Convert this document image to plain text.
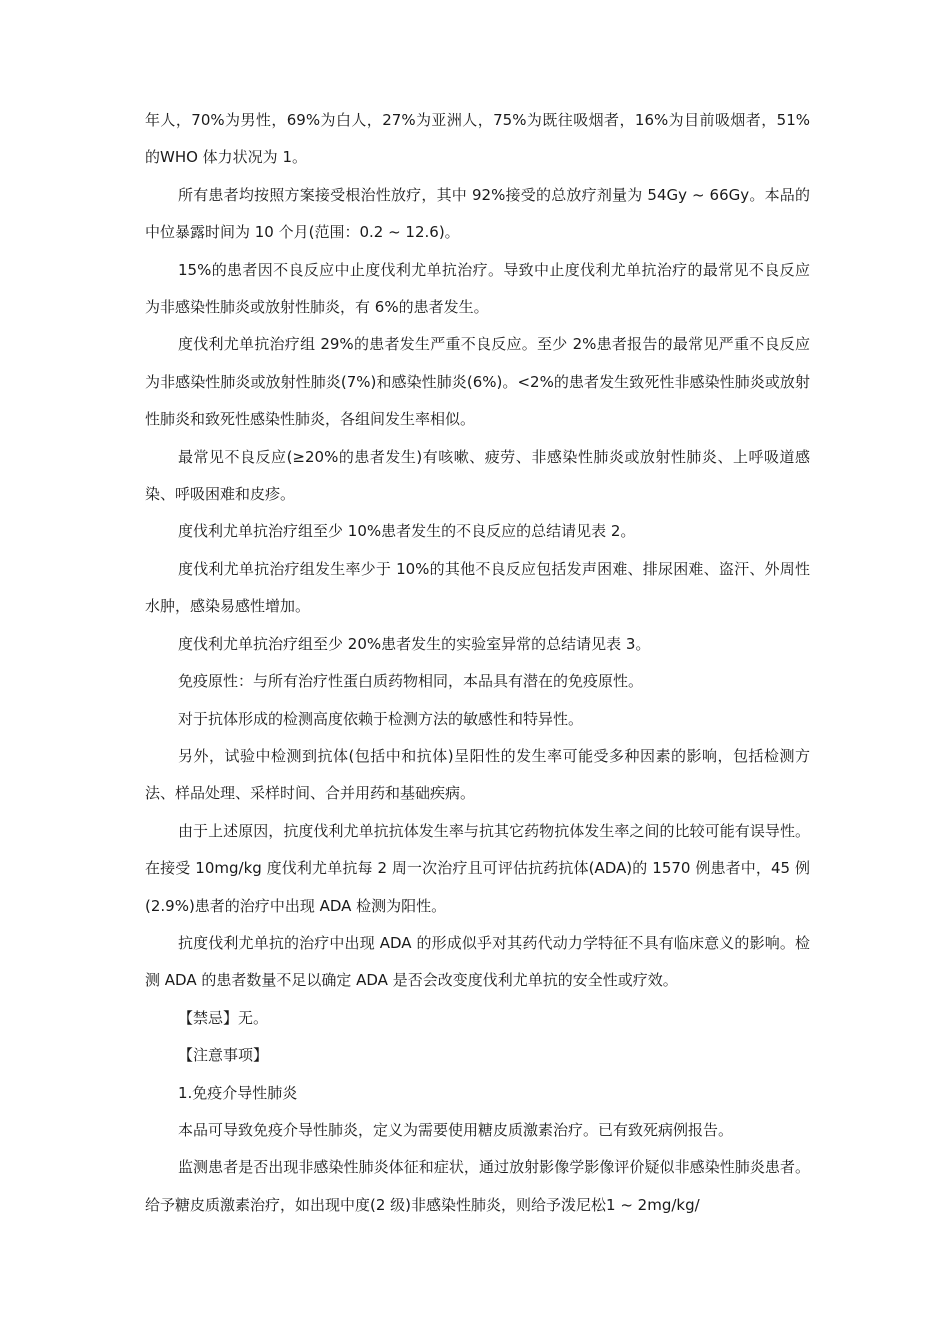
年人，70%为男性，69%为白人，27%为亚洲人，75%为既往吸烟者，16%为目前吸烟者，51%的WHO 体力状况为 1。

所有患者均按照方案接受根治性放疗，其中 92%接受的总放疗剂量为 54Gy ~ 66Gy。本品的中位暴露时间为 10 个月(范围：0.2 ~ 12.6)。

15%的患者因不良反应中止度伐利尤单抗治疗。导致中止度伐利尤单抗治疗的最常见不良反应为非感染性肺炎或放射性肺炎，有 6%的患者发生。

度伐利尤单抗治疗组 29%的患者发生严重不良反应。至少 2%患者报告的最常见严重不良反应为非感染性肺炎或放射性肺炎(7%)和感染性肺炎(6%)。<2%的患者发生致死性非感染性肺炎或放射性肺炎和致死性感染性肺炎，各组间发生率相似。

最常见不良反应(≥20%的患者发生)有咳嗽、疲劳、非感染性肺炎或放射性肺炎、上呼吸道感染、呼吸困难和皮疹。

度伐利尤单抗治疗组至少 10%患者发生的不良反应的总结请见表 2。

度伐利尤单抗治疗组发生率少于 10%的其他不良反应包括发声困难、排尿困难、盗汗、外周性水肿，感染易感性增加。

度伐利尤单抗治疗组至少 20%患者发生的实验室异常的总结请见表 3。

免疫原性：与所有治疗性蛋白质药物相同，本品具有潜在的免疫原性。

对于抗体形成的检测高度依赖于检测方法的敏感性和特异性。

另外，试验中检测到抗体(包括中和抗体)呈阳性的发生率可能受多种因素的影响，包括检测方法、样品处理、采样时间、合并用药和基础疾病。

由于上述原因，抗度伐利尤单抗抗体发生率与抗其它药物抗体发生率之间的比较可能有误导性。在接受 10mg/kg 度伐利尤单抗每 2 周一次治疗且可评估抗药抗体(ADA)的 1570 例患者中，45 例(2.9%)患者的治疗中出现 ADA 检测为阳性。

抗度伐利尤单抗的治疗中出现 ADA 的形成似乎对其药代动力学特征不具有临床意义的影响。检测 ADA 的患者数量不足以确定 ADA 是否会改变度伐利尤单抗的安全性或疗效。

【禁忌】无。

【注意事项】

1.免疫介导性肺炎

本品可导致免疫介导性肺炎，定义为需要使用糖皮质激素治疗。已有致死病例报告。

监测患者是否出现非感染性肺炎体征和症状，通过放射影像学影像评价疑似非感染性肺炎患者。给予糖皮质激素治疗，如出现中度(2 级)非感染性肺炎，则给予泼尼松1 ~ 2mg/kg/
